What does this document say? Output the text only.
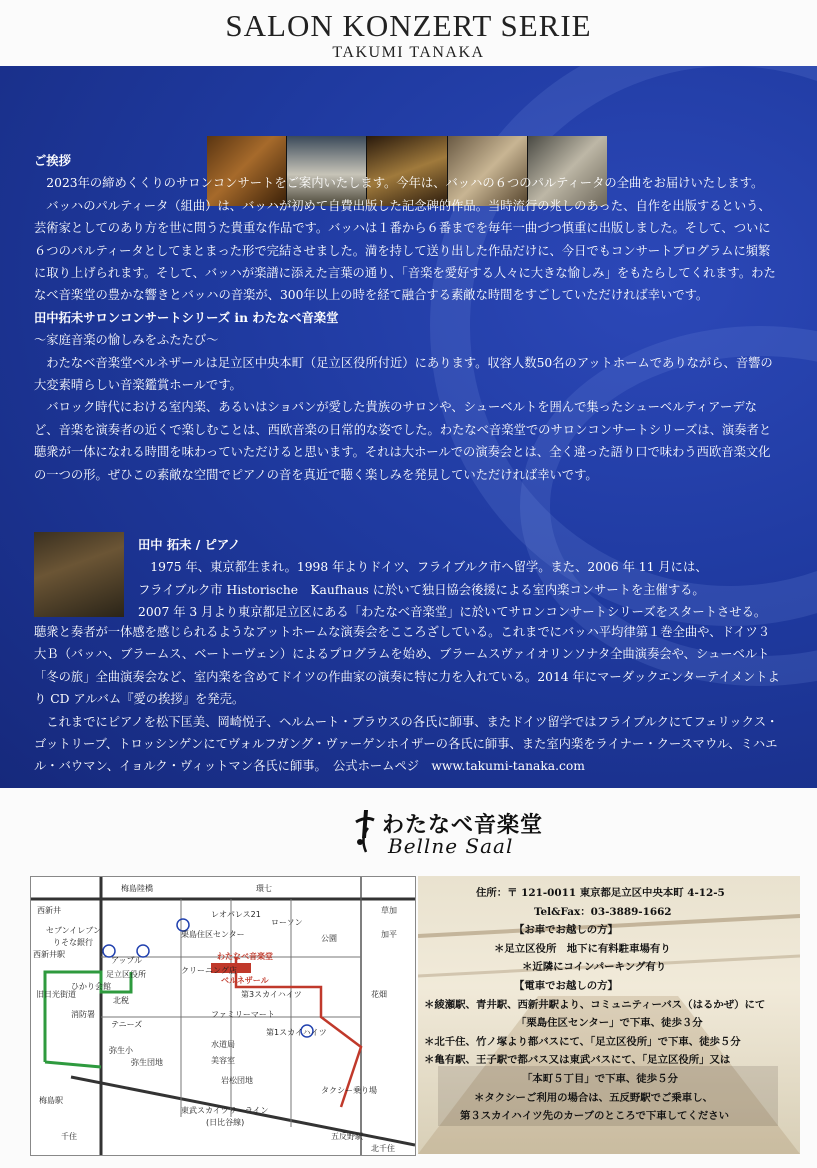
SALON KONZERT SERIE
TAKUMI TANAKA

ご挨拶

2023年の締めくくりのサロンコンサートをご案内いたします。今年は、バッハの６つのパルティータの全曲をお届けいたします。

バッハのパルティータ（組曲）は、バッハが初めて自費出版した記念碑的作品。当時流行の兆しのあった、自作を出版するという、芸術家としてのあり方を世に問うた貴重な作品です。バッハは１番から６番までを毎年一曲づつ慎重に出版しました。そして、ついに６つのパルティータとしてまとまった形で完結させました。満を持して送り出した作品だけに、今日でもコンサートプログラムに頻繁に取り上げられます。そして、バッハが楽譜に添えた言葉の通り、「音楽を愛好する人々に大きな愉しみ」をもたらしてくれます。わたなべ音楽堂の豊かな響きとバッハの音楽が、300年以上の時を経て融合する素敵な時間をすごしていただければ幸いです。

田中拓未サロンコンサートシリーズ in わたなべ音楽堂

～家庭音楽の愉しみをふたたび～

わたなべ音楽堂ベルネザールは足立区中央本町（足立区役所付近）にあります。収容人数50名のアットホームでありながら、音響の大変素晴らしい音楽鑑賞ホールです。

バロック時代における室内楽、あるいはショパンが愛した貴族のサロンや、シューベルトを囲んで集ったシューベルティアーデなど、音楽を演奏者の近くで楽しむことは、西欧音楽の日常的な姿でした。わたなべ音楽堂でのサロンコンサートシリーズは、演奏者と聴衆が一体になれる時間を味わっていただけると思います。それは大ホールでの演奏会とは、全く違った語り口で味わう西欧音楽文化の一つの形。ぜひこの素敵な空間でピアノの音を真近で聴く楽しみを発見していただければ幸いです。

田中 拓未 / ピアノ
1975 年、東京都生まれ。1998 年よりドイツ、フライブルク市へ留学。また、2006 年 11 月には、
フライブルク市 Historische　Kaufhaus に於いて独日協会後援による室内楽コンサートを主催する。
2007 年 3 月より東京都足立区にある「わたなべ音楽堂」に於いてサロンコンサートシリーズをスタートさせる。

聴衆と奏者が一体感を感じられるようなアットホームな演奏会をこころざしている。これまでにバッハ平均律第１巻全曲や、ドイツ３大Ｂ（バッハ、ブラームス、ベートーヴェン）によるプログラムを始め、ブラームスヴァイオリンソナタ全曲演奏会や、シューベルト「冬の旅」全曲演奏会など、室内楽を含めてドイツの作曲家の演奏に特に力を入れている。2014 年にマーダックエンターテイメントより CD アルバム『愛の挨拶』を発売。

これまでにピアノを松下匡美、岡崎悦子、ヘルムート・ブラウスの各氏に師事、またドイツ留学ではフライブルクにてフェリックス・ゴットリーブ、トロッシンゲンにてヴォルフガング・ヴァーゲンホイザーの各氏に師事、また室内楽をライナー・クースマウル、ミハエル・バウマン、イョルク・ヴィットマン各氏に師事。　公式ホームペジ　www.takumi-tanaka.com

わたなべ音楽堂
Bellne Saal
梅島陸橋	環七
草加
西新井
セブンイレブン
りそな銀行
アップル
西新井駅
足立区役所
ひかり会館
北税
消防署
テニーズ
旧日光街道
弥生小
弥生団地
岩松団地
梅島駅
千住
東武スカイツリーライン
(日比谷線)
五反野駅
北千住
わたなべ音楽堂
ベルネザール
第3スカイハイツ
公園
ファミリーマート
水道局
美容室
第1スカイハイツ
クリーニング店
レオパレス21
ローソン
栗島住区センター
タクシー乗り場
加平
花畑
住所：〒 121-0011 東京都足立区中央本町 4-12-5
Tel&Fax：03-3889-1662
【お車でお越しの方】
＊足立区役所　地下に有料駐車場有り
＊近隣にコインパーキング有り
【電車でお越しの方】
＊綾瀬駅、青井駅、西新井駅より、コミュニティーバス（はるかぜ）にて
「栗島住区センター」で下車、徒歩３分
＊北千住、竹ノ塚より都バスにて、「足立区役所」で下車、徒歩５分
＊亀有駅、王子駅で都バス又は東武バスにて、「足立区役所」又は
「本町５丁目」で下車、徒歩５分
＊タクシーご利用の場合は、五反野駅でご乗車し、
第３スカイハイツ先のカーブのところで下車してください
